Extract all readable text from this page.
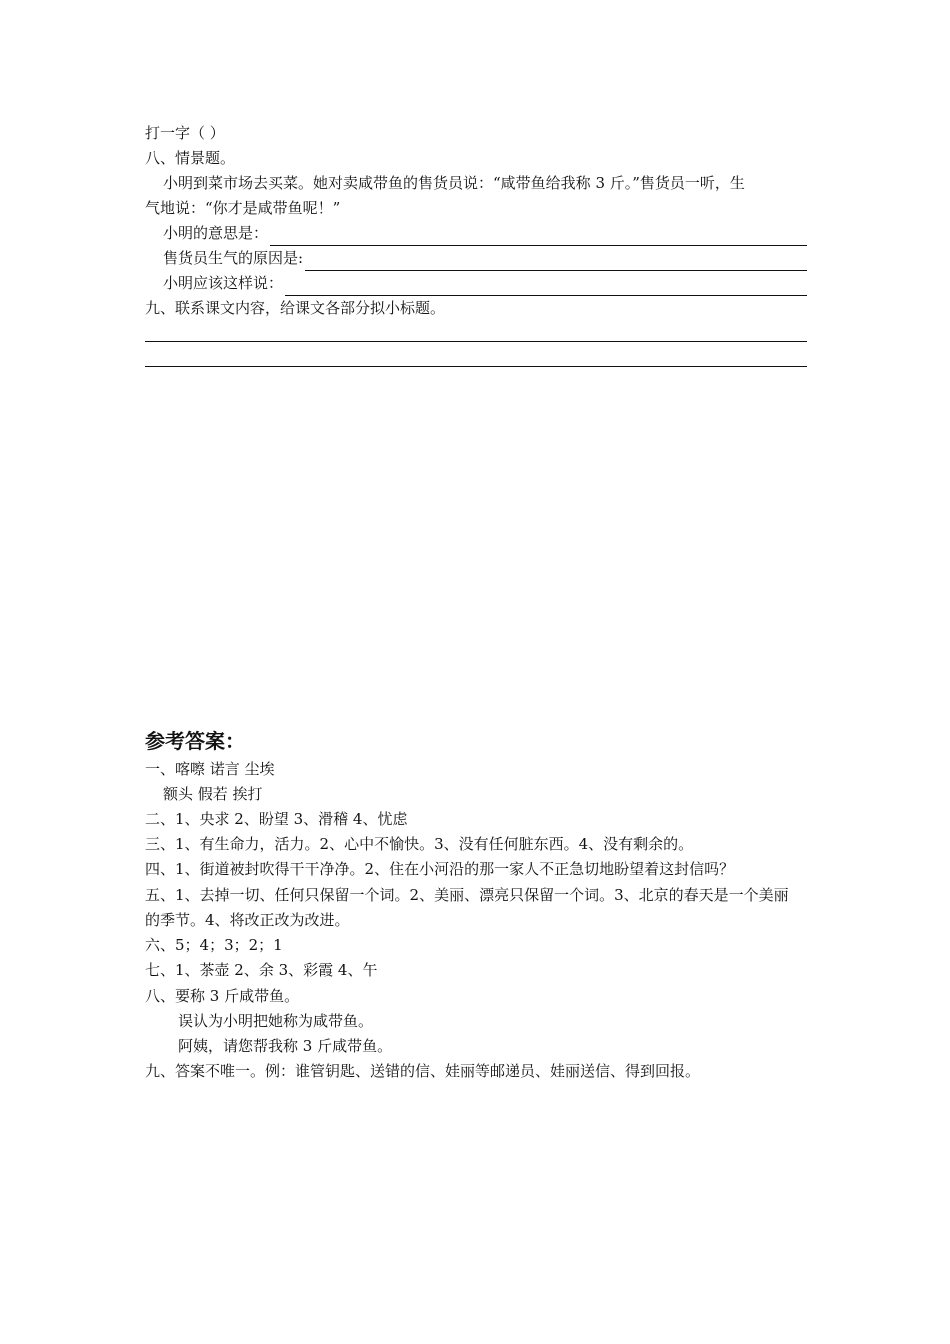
打一字（ ）
八、情景题。
小明到菜市场去买菜。她对卖咸带鱼的售货员说：“咸带鱼给我称 3 斤。”售货员一听，生
气地说：“你才是咸带鱼呢！”
小明的意思是：
售货员生气的原因是:
小明应该这样说：
九、联系课文内容，给课文各部分拟小标题。
参考答案：
一、喀嚓 诺言 尘埃
额头 假若 挨打
二、1、央求 2、盼望 3、滑稽 4、忧虑
三、1、有生命力，活力。2、心中不愉快。3、没有任何脏东西。4、没有剩余的。
四、1、街道被封吹得干干净净。2、住在小河沿的那一家人不正急切地盼望着这封信吗？
五、1、去掉一切、任何只保留一个词。2、美丽、漂亮只保留一个词。3、北京的春天是一个美丽
的季节。4、将改正改为改进。
六、5；4；3；2；1
七、1、茶壶 2、余 3、彩霞 4、午
八、要称 3 斤咸带鱼。
误认为小明把她称为咸带鱼。
阿姨，请您帮我称 3 斤咸带鱼。
九、答案不唯一。例：谁管钥匙、送错的信、娃丽等邮递员、娃丽送信、得到回报。
